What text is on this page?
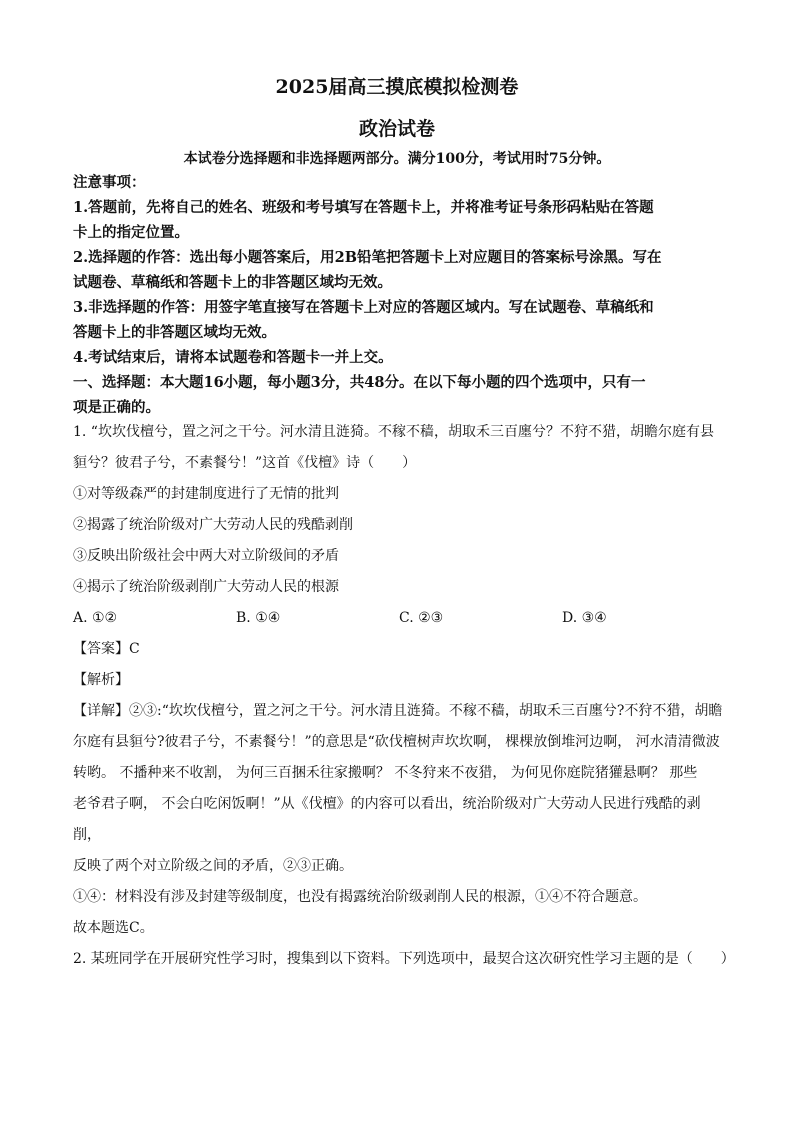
2025届高三摸底模拟检测卷
政治试卷
本试卷分选择题和非选择题两部分。满分100分，考试用时75分钟。

注意事项：

1.答题前，先将自己的姓名、班级和考号填写在答题卡上，并将准考证号条形码粘贴在答题

卡上的指定位置。

2.选择题的作答：选出每小题答案后，用2B铅笔把答题卡上对应题目的答案标号涂黑。写在

试题卷、草稿纸和答题卡上的非答题区域均无效。

3.非选择题的作答：用签字笔直接写在答题卡上对应的答题区域内。写在试题卷、草稿纸和

答题卡上的非答题区域均无效。

4.考试结束后，请将本试题卷和答题卡一并上交。

一、选择题：本大题16小题，每小题3分，共48分。在以下每小题的四个选项中，只有一

项是正确的。

1. “坎坎伐檀兮，置之河之干兮。河水清且涟猗。不稼不穑，胡取禾三百廛兮？不狩不猎，胡瞻尔庭有县

貆兮？彼君子兮，不素餐兮！”这首《伐檀》诗（　　）

①对等级森严的封建制度进行了无情的批判

②揭露了统治阶级对广大劳动人民的残酷剥削

③反映出阶级社会中两大对立阶级间的矛盾

④揭示了统治阶级剥削广大劳动人民的根源

A. ①②	B. ①④	C. ②③	D. ③④

【答案】C

【解析】

【详解】②③:“坎坎伐檀兮，置之河之干兮。河水清且涟猗。不稼不穑，胡取禾三百廛兮?不狩不猎，胡瞻

尔庭有县貆兮?彼君子兮，不素餐兮！”的意思是“砍伐檀树声坎坎啊， 棵棵放倒堆河边啊， 河水清清微波

转哟。 不播种来不收割， 为何三百捆禾往家搬啊？ 不冬狩来不夜猎， 为何见你庭院猪獾悬啊？ 那些

老爷君子啊， 不会白吃闲饭啊！”从《伐檀》的内容可以看出，统治阶级对广大劳动人民进行残酷的剥削，

反映了两个对立阶级之间的矛盾，②③正确。

①④：材料没有涉及封建等级制度，也没有揭露统治阶级剥削人民的根源，①④不符合题意。

故本题选C。

2. 某班同学在开展研究性学习时，搜集到以下资料。下列选项中，最契合这次研究性学习主题的是（　　）
